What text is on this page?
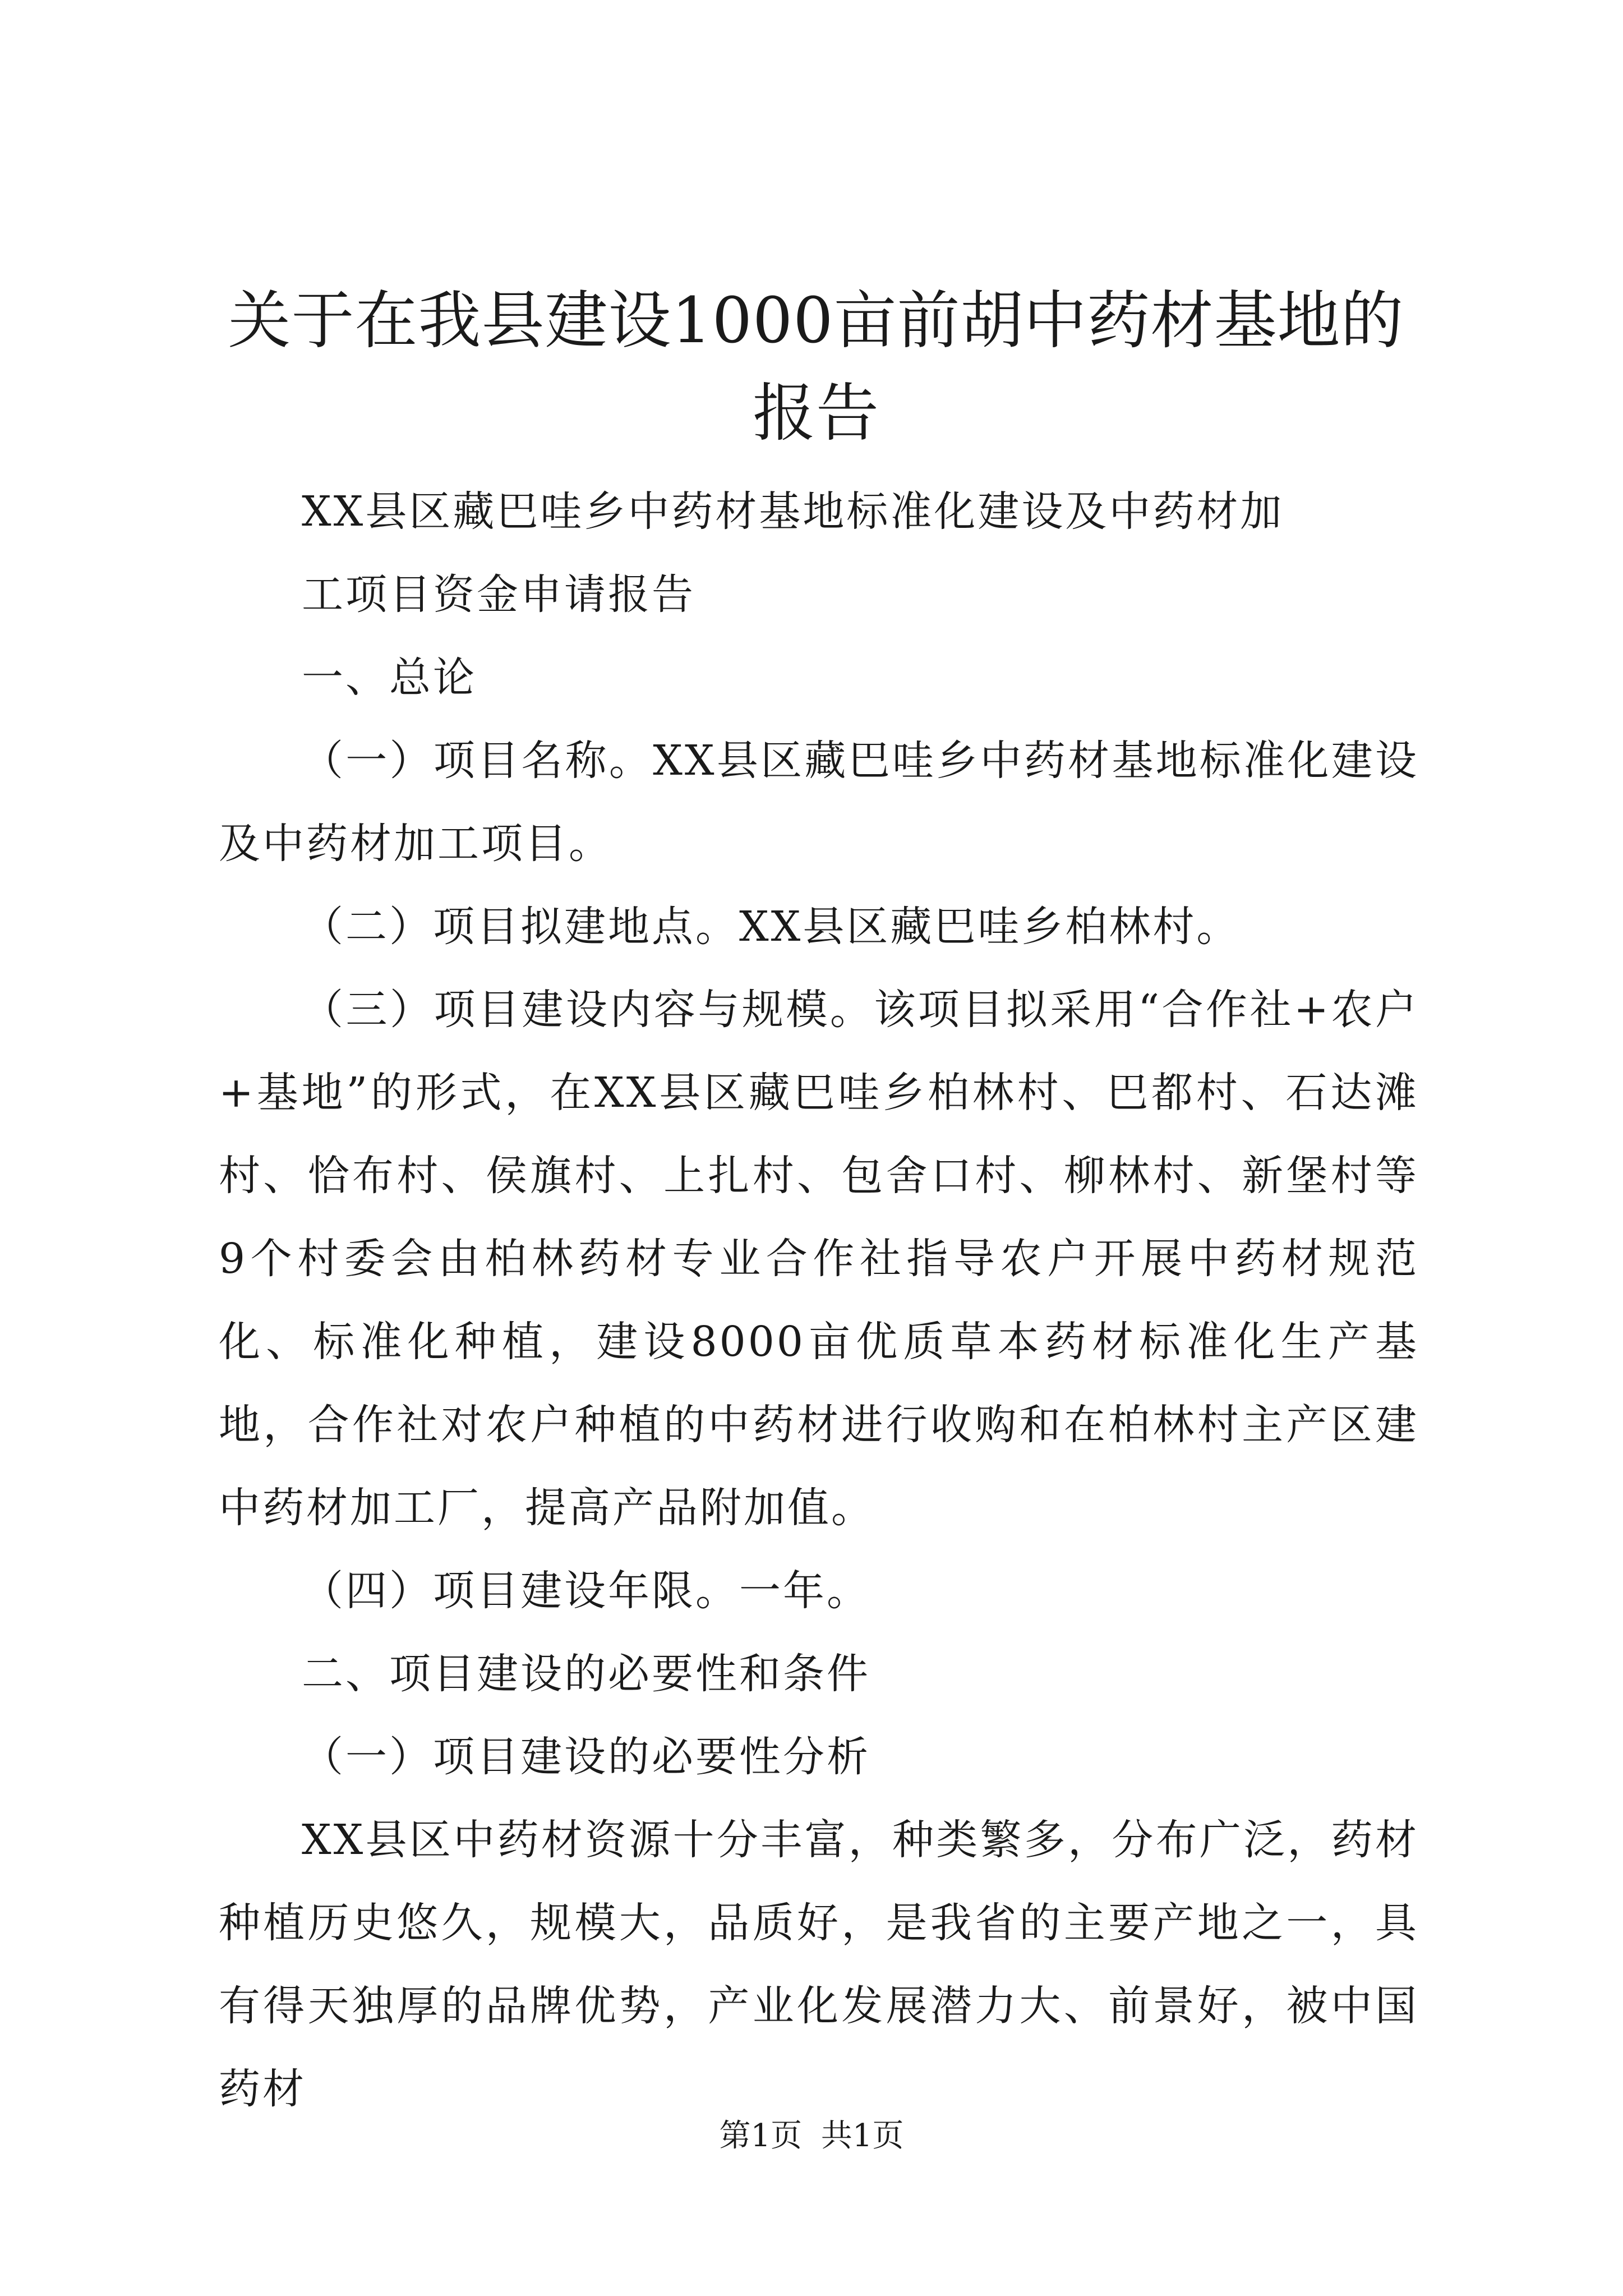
关于在我县建设1000亩前胡中药材基地的报告

XX县区藏巴哇乡中药材基地标准化建设及中药材加

工项目资金申请报告

一、总论

（一）项目名称。XX县区藏巴哇乡中药材基地标准化建设及中药材加工项目。

（二）项目拟建地点。XX县区藏巴哇乡柏林村。

（三）项目建设内容与规模。该项目拟采用“合作社+农户+基地”的形式，在XX县区藏巴哇乡柏林村、巴都村、石达滩村、恰布村、侯旗村、上扎村、包舍口村、柳林村、新堡村等9个村委会由柏林药材专业合作社指导农户开展中药材规范化、标准化种植，建设8000亩优质草本药材标准化生产基地，合作社对农户种植的中药材进行收购和在柏林村主产区建中药材加工厂，提高产品附加值。

（四）项目建设年限。一年。

二、项目建设的必要性和条件

（一）项目建设的必要性分析

XX县区中药材资源十分丰富，种类繁多，分布广泛，药材种植历史悠久，规模大，品质好，是我省的主要产地之一，具有得天独厚的品牌优势，产业化发展潜力大、前景好，被中国药材

第1页 共1页
